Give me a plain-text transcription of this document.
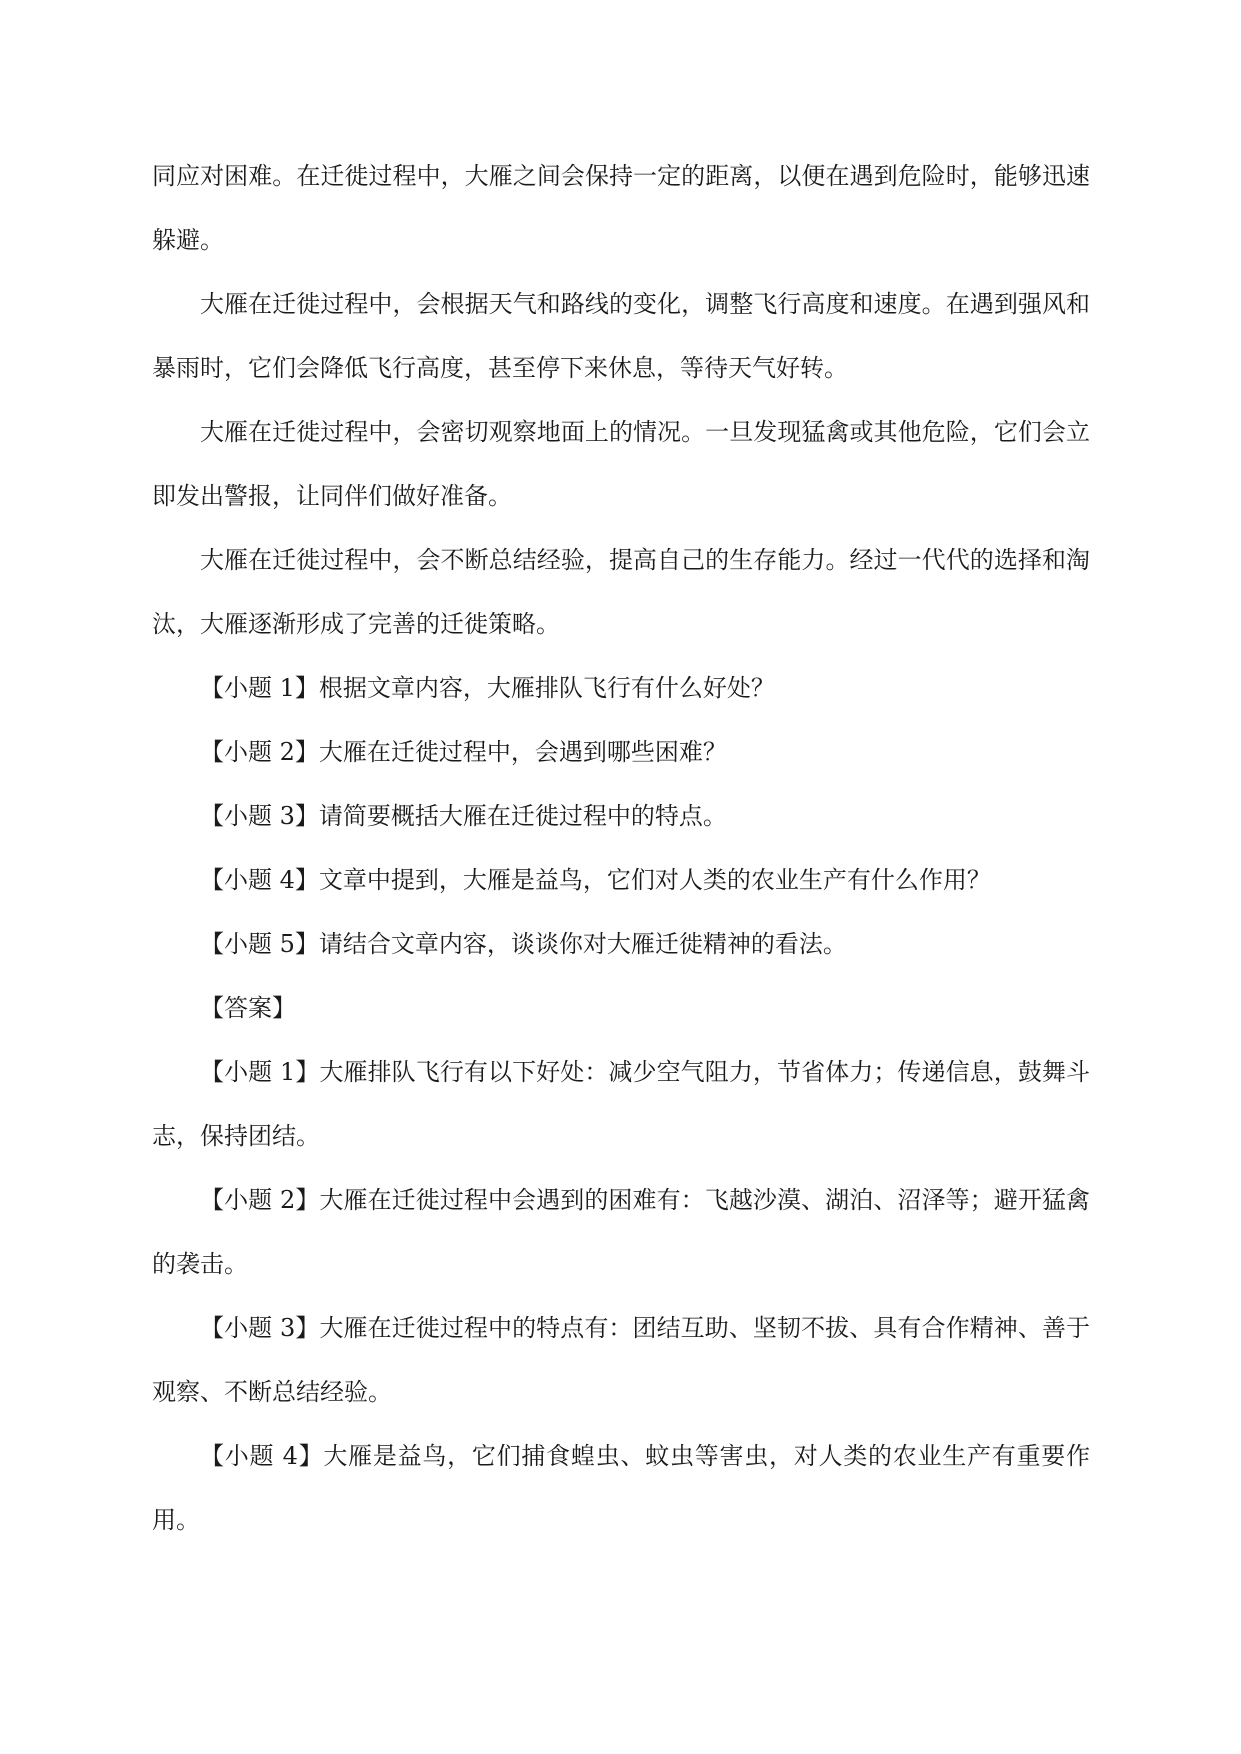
同应对困难。在迁徙过程中，大雁之间会保持一定的距离，以便在遇到危险时，能够迅速躲避。

大雁在迁徙过程中，会根据天气和路线的变化，调整飞行高度和速度。在遇到强风和暴雨时，它们会降低飞行高度，甚至停下来休息，等待天气好转。

大雁在迁徙过程中，会密切观察地面上的情况。一旦发现猛禽或其他危险，它们会立即发出警报，让同伴们做好准备。

大雁在迁徙过程中，会不断总结经验，提高自己的生存能力。经过一代代的选择和淘汰，大雁逐渐形成了完善的迁徙策略。

【小题 1】根据文章内容，大雁排队飞行有什么好处？

【小题 2】大雁在迁徙过程中，会遇到哪些困难？

【小题 3】请简要概括大雁在迁徙过程中的特点。

【小题 4】文章中提到，大雁是益鸟，它们对人类的农业生产有什么作用？

【小题 5】请结合文章内容，谈谈你对大雁迁徙精神的看法。

【答案】

【小题 1】大雁排队飞行有以下好处：减少空气阻力，节省体力；传递信息，鼓舞斗志，保持团结。

【小题 2】大雁在迁徙过程中会遇到的困难有：飞越沙漠、湖泊、沼泽等；避开猛禽的袭击。

【小题 3】大雁在迁徙过程中的特点有：团结互助、坚韧不拔、具有合作精神、善于观察、不断总结经验。

【小题 4】大雁是益鸟，它们捕食蝗虫、蚊虫等害虫，对人类的农业生产有重要作用。
